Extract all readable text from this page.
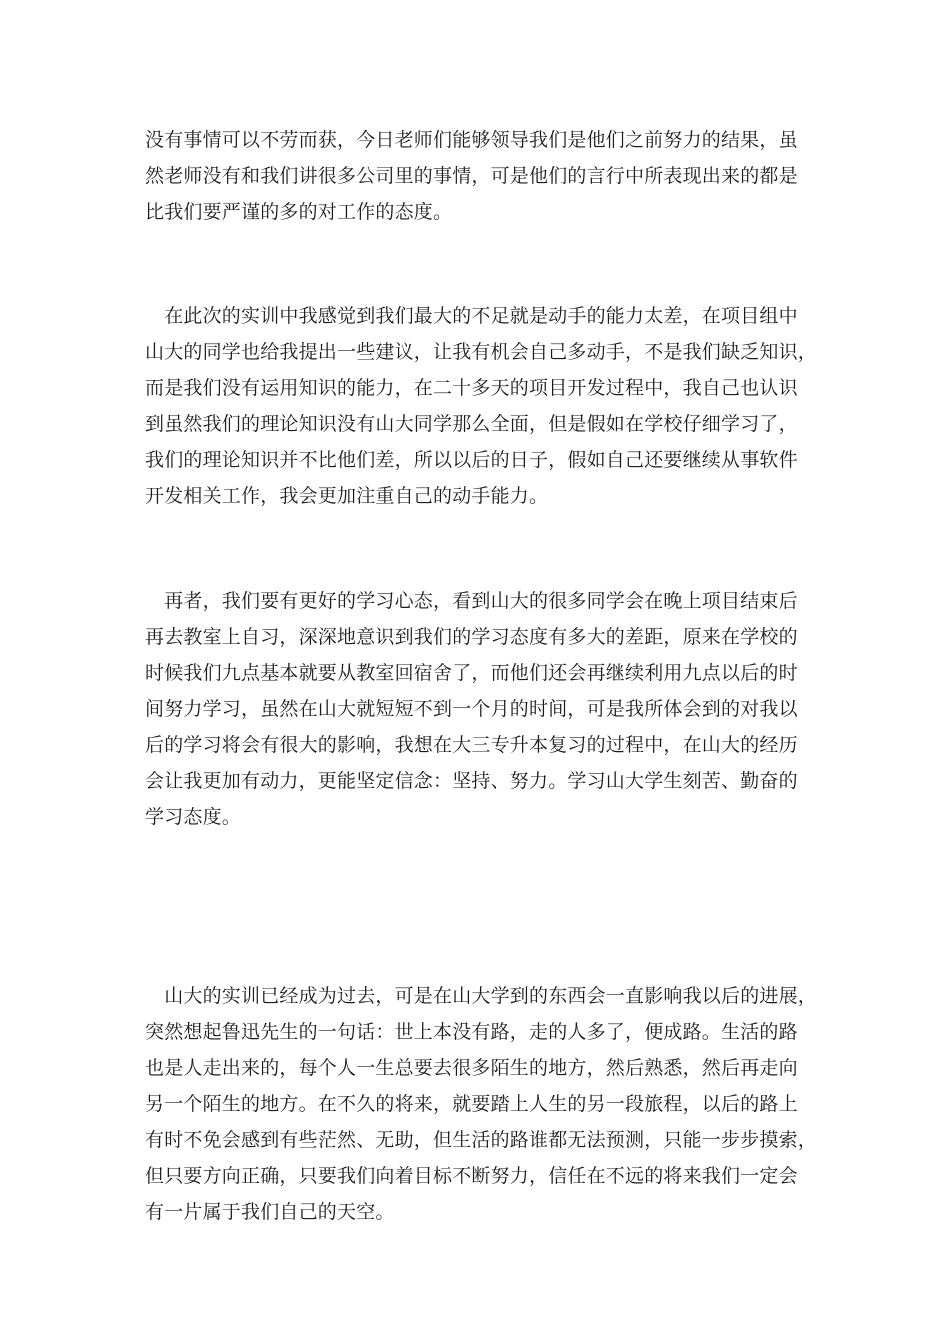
没有事情可以不劳而获，今日老师们能够领导我们是他们之前努力的结果，虽
然老师没有和我们讲很多公司里的事情，可是他们的言行中所表现出来的都是
比我们要严谨的多的对工作的态度。
　在此次的实训中我感觉到我们最大的不足就是动手的能力太差，在项目组中
山大的同学也给我提出一些建议，让我有机会自己多动手，不是我们缺乏知识，
而是我们没有运用知识的能力，在二十多天的项目开发过程中，我自己也认识
到虽然我们的理论知识没有山大同学那么全面，但是假如在学校仔细学习了，
我们的理论知识并不比他们差，所以以后的日子，假如自己还要继续从事软件
开发相关工作，我会更加注重自己的动手能力。
　再者，我们要有更好的学习心态，看到山大的很多同学会在晚上项目结束后
再去教室上自习，深深地意识到我们的学习态度有多大的差距，原来在学校的
时候我们九点基本就要从教室回宿舍了，而他们还会再继续利用九点以后的时
间努力学习，虽然在山大就短短不到一个月的时间，可是我所体会到的对我以
后的学习将会有很大的影响，我想在大三专升本复习的过程中，在山大的经历
会让我更加有动力，更能坚定信念：坚持、努力。学习山大学生刻苦、勤奋的
学习态度。
　山大的实训已经成为过去，可是在山大学到的东西会一直影响我以后的进展，
突然想起鲁迅先生的一句话：世上本没有路，走的人多了，便成路。生活的路
也是人走出来的，每个人一生总要去很多陌生的地方，然后熟悉，然后再走向
另一个陌生的地方。在不久的将来，就要踏上人生的另一段旅程，以后的路上
有时不免会感到有些茫然、无助，但生活的路谁都无法预测，只能一步步摸索，
但只要方向正确，只要我们向着目标不断努力，信任在不远的将来我们一定会
有一片属于我们自己的天空。
